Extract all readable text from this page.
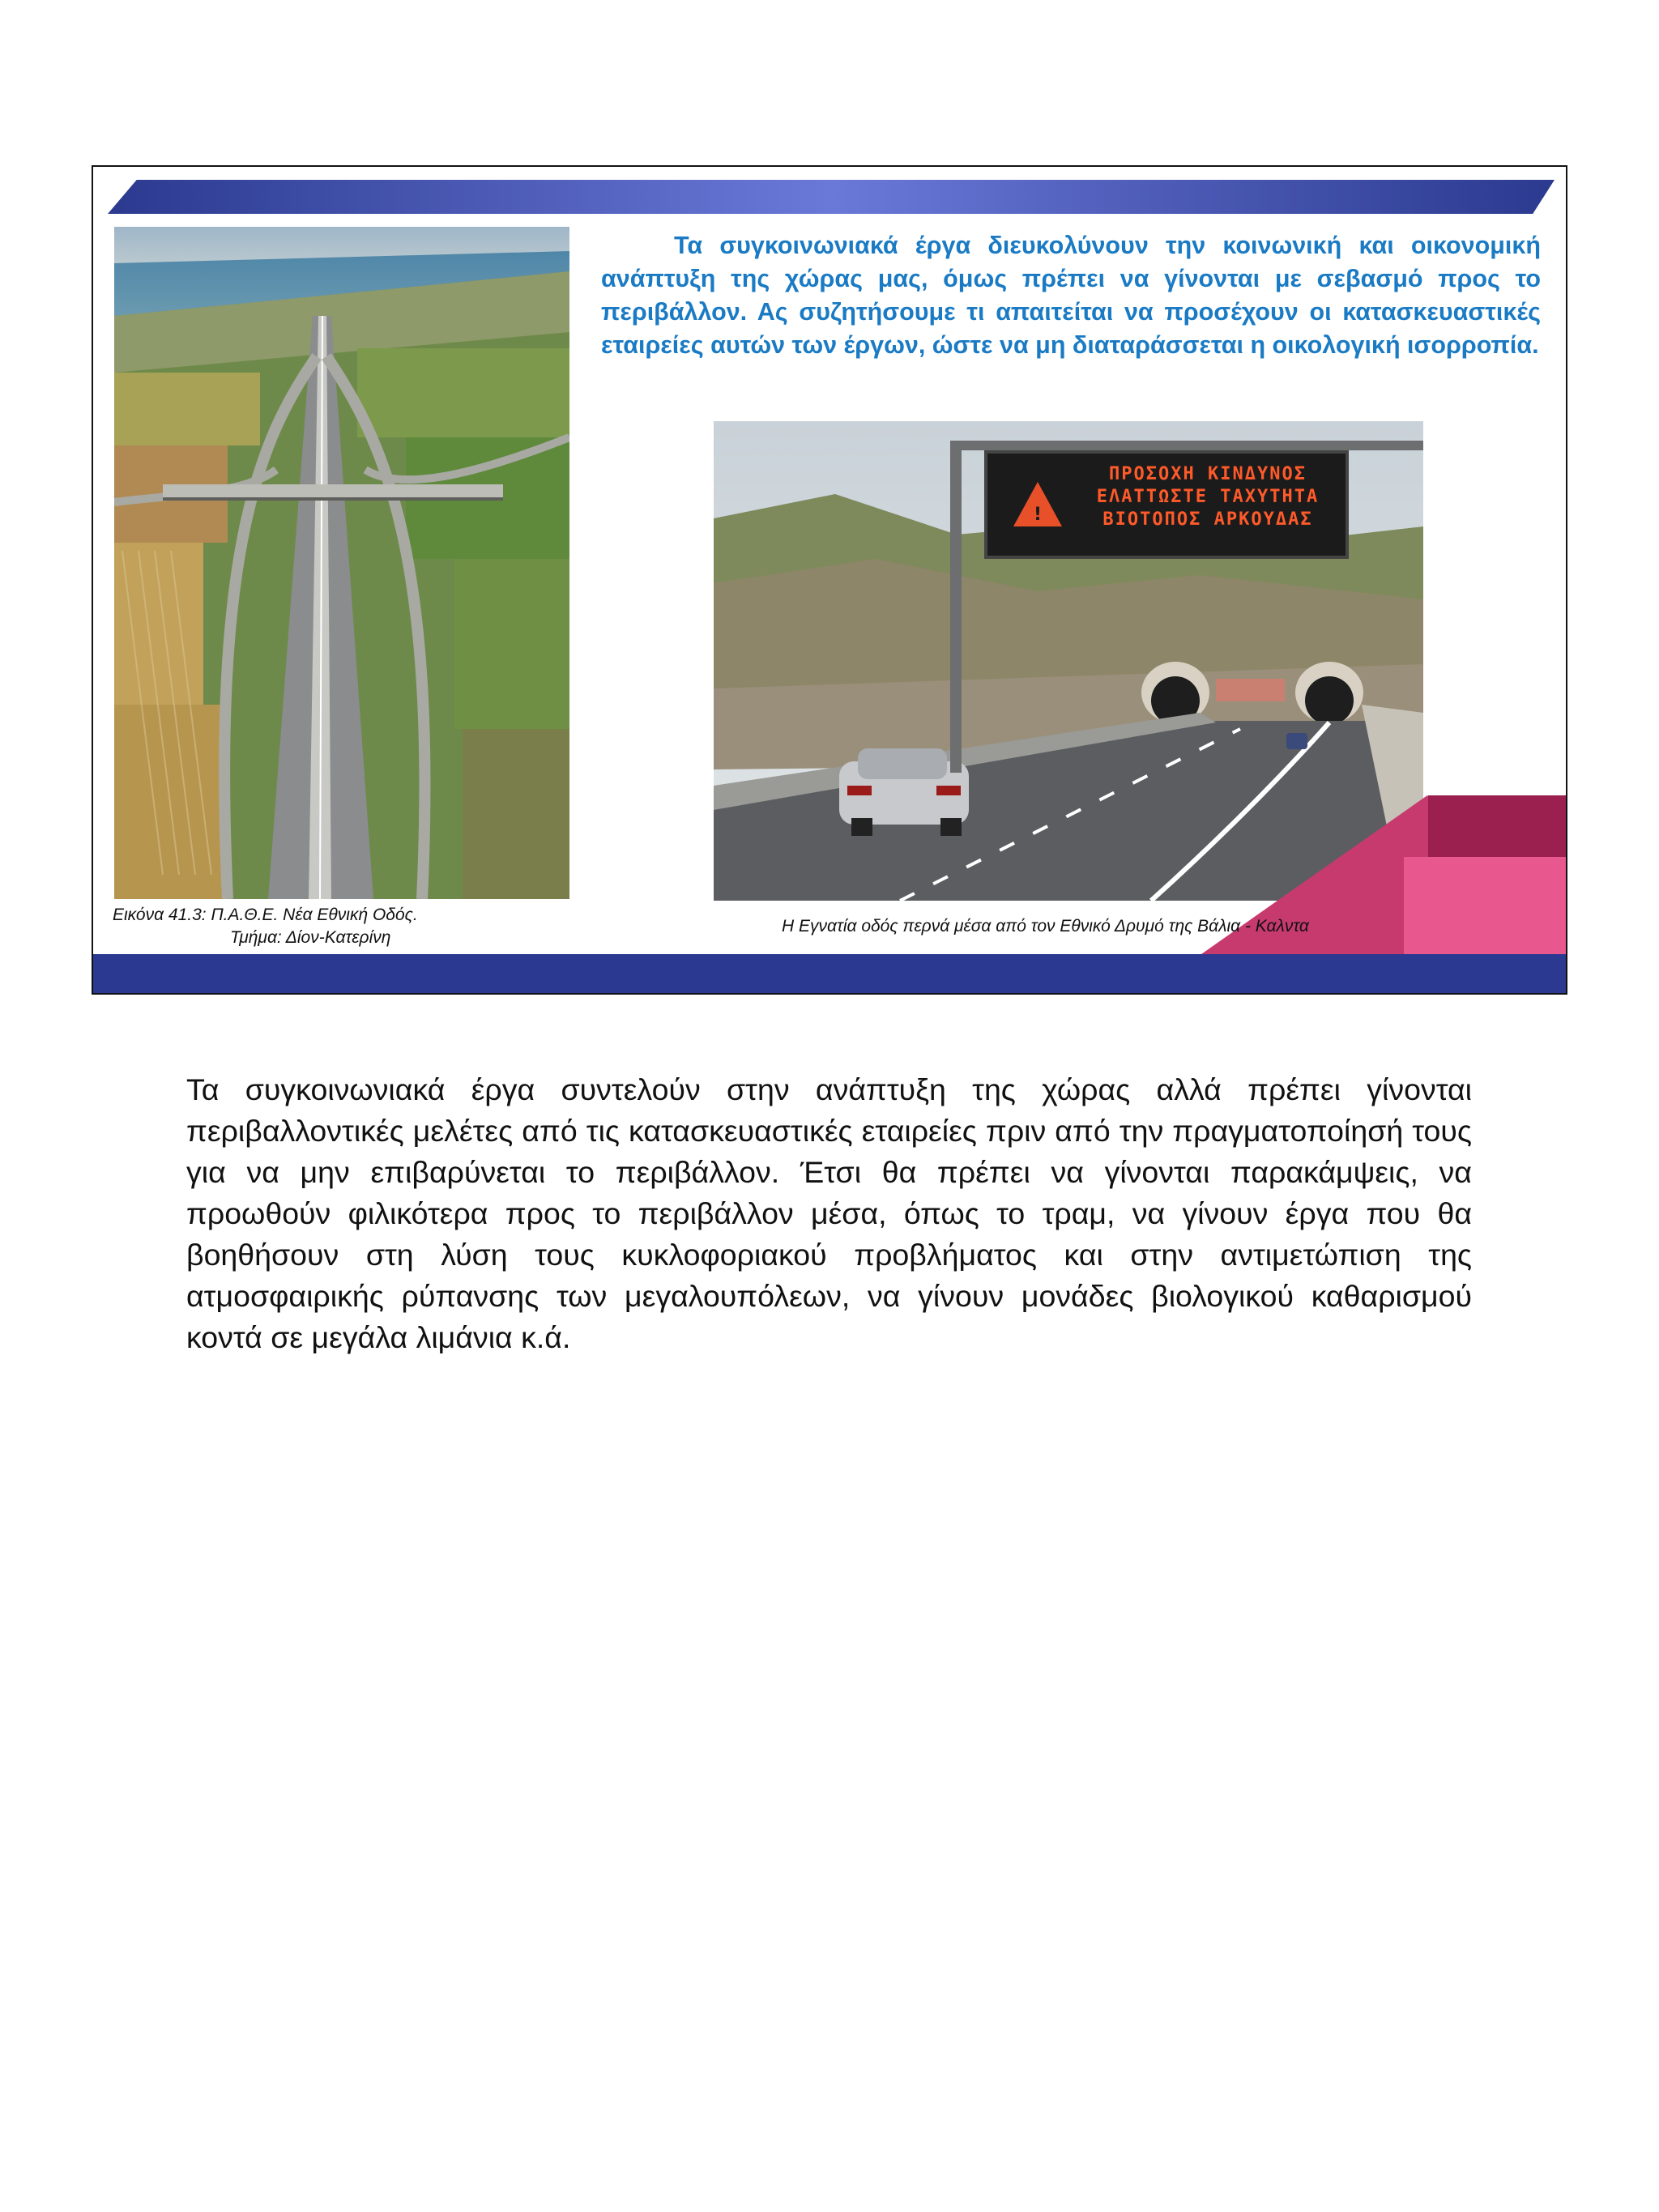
Τα συγκοινωνιακά έργα διευκολύνουν την κοινωνική και οικονομική ανάπτυξη της χώρας μας, όμως πρέπει να γίνονται με σεβασμό προς το περιβάλλον. Ας συζητήσουμε τι απαιτείται να προσέχουν οι κατασκευαστικές εταιρείες αυτών των έργων, ώστε να μη διαταράσσεται η οικολογική ισορροπία.

!
ΠΡΟΣΟΧΗ ΚΙΝΔΥΝΟΣ
ΕΛΑΤΤΩΣΤΕ ΤΑΧΥΤΗΤΑ
ΒΙΟΤΟΠΟΣ ΑΡΚΟΥΔΑΣ
Εικόνα 41.3: Π.Α.Θ.Ε. Νέα Εθνική Οδός.
Τμήμα: Δίον-Κατερίνη
Η Εγνατία οδός περνά μέσα από τον Εθνικό Δρυμό της Βάλια - Καλντα

Τα συγκοινωνιακά έργα συντελούν στην ανάπτυξη της χώρας αλλά πρέπει γίνονται περιβαλλοντικές μελέτες από τις κατασκευαστικές εταιρείες πριν από την πραγματοποίησή τους για να μην επιβαρύνεται το περιβάλλον. Έτσι θα πρέπει να γίνονται παρακάμψεις, να προωθούν φιλικότερα προς το περιβάλλον μέσα, όπως το τραμ, να γίνουν έργα που θα βοηθήσουν στη λύση τους κυκλοφοριακού προβλήματος και στην αντιμετώπιση της ατμοσφαιρικής ρύπανσης των μεγαλουπόλεων, να γίνουν μονάδες βιολογικού καθαρισμού κοντά σε μεγάλα λιμάνια κ.ά.
